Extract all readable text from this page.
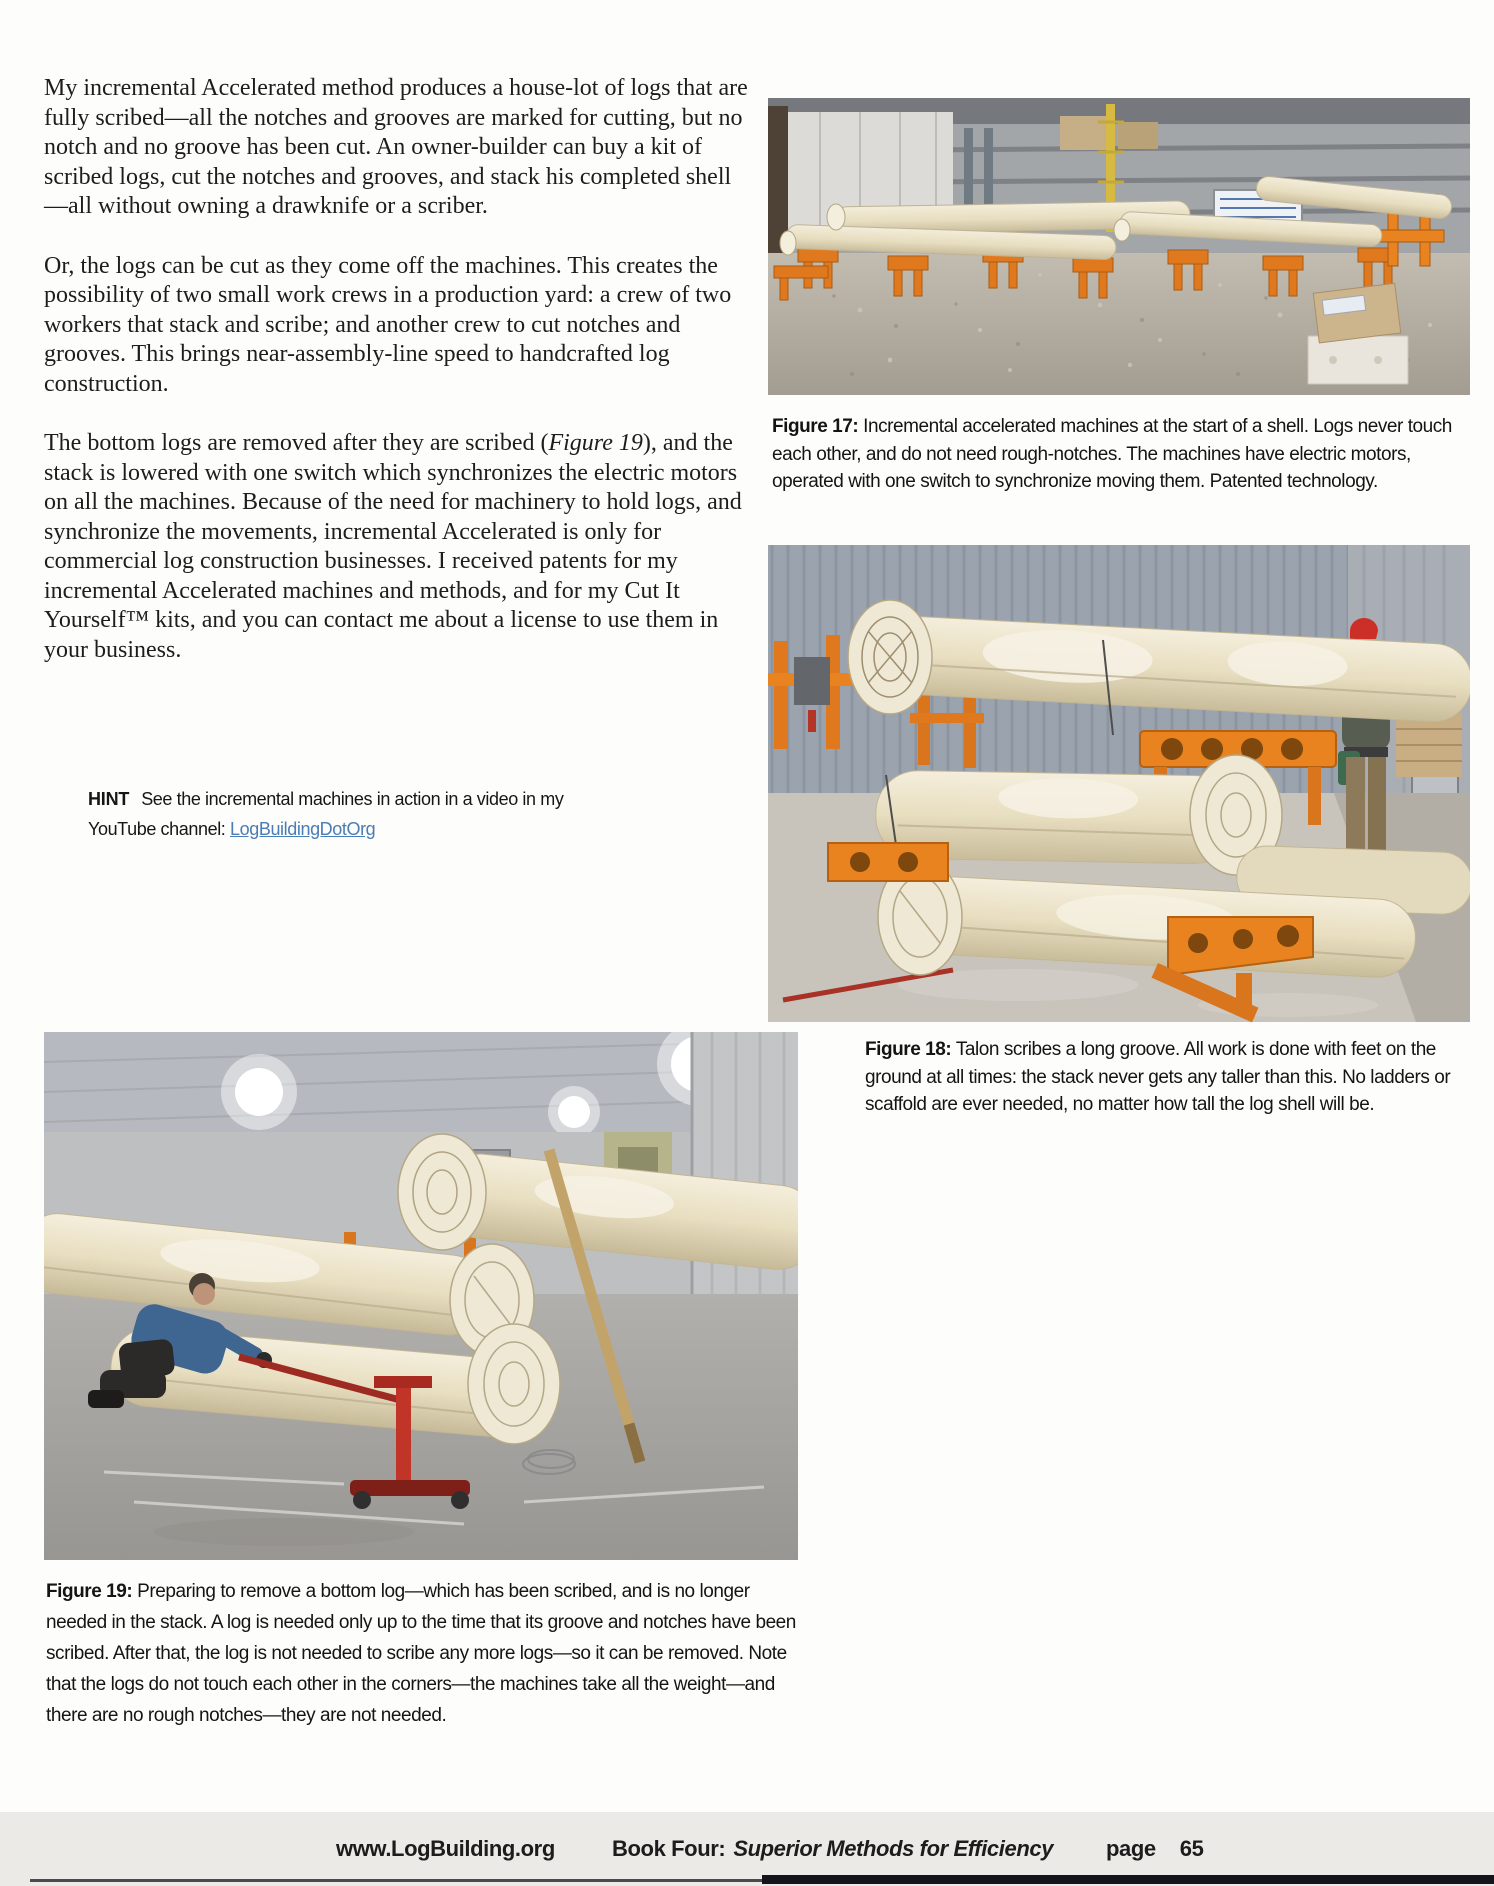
My incremental Accelerated method produces a house-lot of logs that are fully scribed—all the notches and grooves are marked for cutting, but no notch and no groove has been cut. An owner-builder can buy a kit of scribed logs, cut the notches and grooves, and stack his completed shell—all without owning a drawknife or a scriber.

Or, the logs can be cut as they come off the machines. This creates the possibility of two small work crews in a production yard: a crew of two workers that stack and scribe; and another crew to cut notches and grooves. This brings near-assembly-line speed to handcrafted log construction.

The bottom logs are removed after they are scribed (Figure 19), and the stack is lowered with one switch which synchronizes the electric motors on all the machines. Because of the need for machinery to hold logs, and synchronize the movements, incremental Accelerated is only for commercial log construction businesses. I received patents for my incremental Accelerated machines and methods, and for my Cut It Yourself™ kits, and you can contact me about a license to use them in your business.

HINT See the incremental machines in action in a video in my YouTube channel: LogBuildingDotOrg

Figure 17: Incremental accelerated machines at the start of a shell. Logs never touch each other, and do not need rough-notches. The machines have electric motors, operated with one switch to synchronize moving them. Patented technology.

Figure 18: Talon scribes a long groove. All work is done with feet on the ground at all times: the stack never gets any taller than this. No ladders or scaffold are ever needed, no matter how tall the log shell will be.

Figure 19: Preparing to remove a bottom log—which has been scribed, and is no longer needed in the stack. A log is needed only up to the time that its groove and notches have been scribed. After that, the log is not needed to scribe any more logs—so it can be removed. Note that the logs do not touch each other in the corners—the machines take all the weight—and there are no rough notches—they are not needed.

www.LogBuilding.org	Book Four: Superior Methods for Efficiency page 65
